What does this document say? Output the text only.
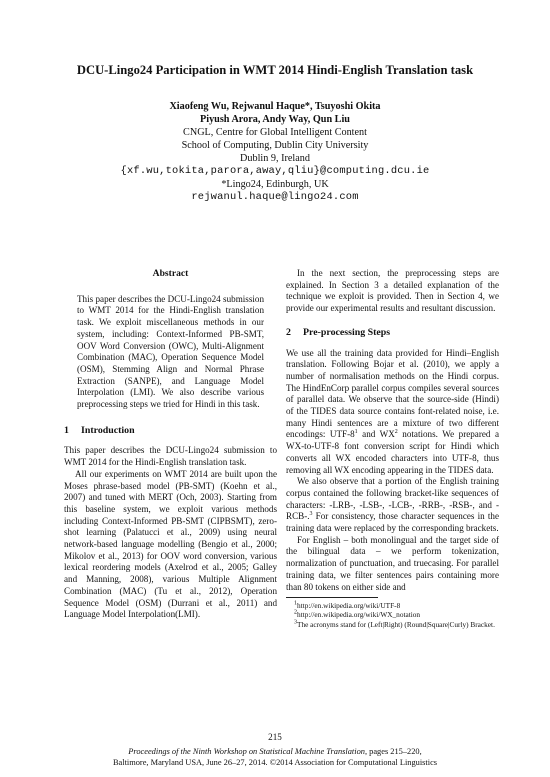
DCU-Lingo24 Participation in WMT 2014 Hindi-English Translation task
Xiaofeng Wu, Rejwanul Haque*, Tsuyoshi Okita
Piyush Arora, Andy Way, Qun Liu
CNGL, Centre for Global Intelligent Content
School of Computing, Dublin City University
Dublin 9, Ireland
{xf.wu,tokita,parora,away,qliu}@computing.dcu.ie
*Lingo24, Edinburgh, UK
rejwanul.haque@lingo24.com
Abstract
This paper describes the DCU-Lingo24 submission to WMT 2014 for the Hindi-English translation task. We exploit miscellaneous methods in our system, including: Context-Informed PB-SMT, OOV Word Conversion (OWC), Multi-Alignment Combination (MAC), Operation Sequence Model (OSM), Stemming Align and Normal Phrase Extraction (SANPE), and Language Model Interpolation (LMI). We also describe various preprocessing steps we tried for Hindi in this task.
1 Introduction
This paper describes the DCU-Lingo24 submission to WMT 2014 for the Hindi-English translation task.
All our experiments on WMT 2014 are built upon the Moses phrase-based model (PB-SMT) (Koehn et al., 2007) and tuned with MERT (Och, 2003). Starting from this baseline system, we exploit various methods including Context-Informed PB-SMT (CIPBSMT), zero-shot learning (Palatucci et al., 2009) using neural network-based language modelling (Bengio et al., 2000; Mikolov et al., 2013) for OOV word conversion, various lexical reordering models (Axelrod et al., 2005; Galley and Manning, 2008), various Multiple Alignment Combination (MAC) (Tu et al., 2012), Operation Sequence Model (OSM) (Durrani et al., 2011) and Language Model Interpolation(LMI).
In the next section, the preprocessing steps are explained. In Section 3 a detailed explanation of the technique we exploit is provided. Then in Section 4, we provide our experimental results and resultant discussion.
2 Pre-processing Steps
We use all the training data provided for Hindi–English translation. Following Bojar et al. (2010), we apply a number of normalisation methods on the Hindi corpus. The HindEnCorp parallel corpus compiles several sources of parallel data. We observe that the source-side (Hindi) of the TIDES data source contains font-related noise, i.e. many Hindi sentences are a mixture of two different encodings: UTF-$8^1$ and $WX^2$ notations. We prepared a WX-to-UTF-8 font conversion script for Hindi which converts all WX encoded characters into UTF-8, thus removing all WX encoding appearing in the TIDES data.
We also observe that a portion of the English training corpus contained the following bracket-like sequences of characters: -LRB-, -LSB-, -LCB-, -RRB-, -RSB-, and -RCB-.$^3$ For consistency, those character sequences in the training data were replaced by the corresponding brackets.
For English – both monolingual and the target side of the bilingual data – we perform tokenization, normalization of punctuation, and truecasing. For parallel training data, we filter sentences pairs containing more than 80 tokens on either side and
$^1$http://en.wikipedia.org/wiki/UTF-8
$^2$http://en.wikipedia.org/wiki/WX_notation
$^3$The acronyms stand for (Left|Right) (Round|Square|Curly) Bracket.
215
Proceedings of the Ninth Workshop on Statistical Machine Translation, pages 215–220,
Baltimore, Maryland USA, June 26–27, 2014. ©2014 Association for Computational Linguistics
